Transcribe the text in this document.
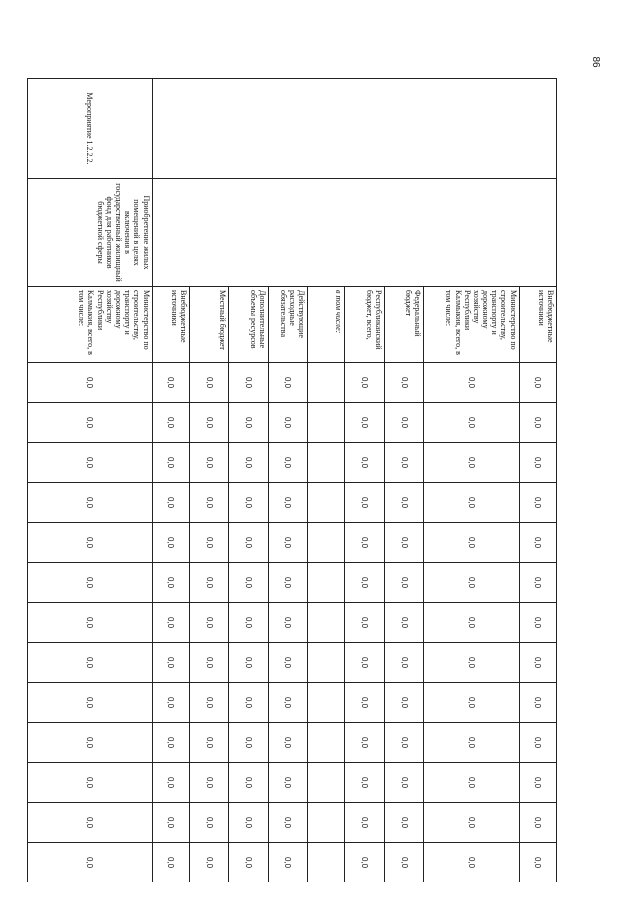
86
		Внебюджетные источники	0,0	0,0	0,0	0,0	0,0	0,0	0,0	0,0	0,0	0,0	0,0	0,0	0,0
		Министерство по строительству, транспорту и дорожному хозяйству Республики Калмыкия, всего, в том числе:	0,0	0,0	0,0	0,0	0,0	0,0	0,0	0,0	0,0	0,0	0,0	0,0	0,0
		Федеральный бюджет	0,0	0,0	0,0	0,0	0,0	0,0	0,0	0,0	0,0	0,0	0,0	0,0	0,0
		Республиканский бюджет, всего,	0,0	0,0	0,0	0,0	0,0	0,0	0,0	0,0	0,0	0,0	0,0	0,0	0,0
		в том числе:													
		Действующие расходные обязательства	0,0	0,0	0,0	0,0	0,0	0,0	0,0	0,0	0,0	0,0	0,0	0,0	0,0
		Дополнительные объемы ресурсов	0,0	0,0	0,0	0,0	0,0	0,0	0,0	0,0	0,0	0,0	0,0	0,0	0,0
		Местный бюджет	0,0	0,0	0,0	0,0	0,0	0,0	0,0	0,0	0,0	0,0	0,0	0,0	0,0
		Внебюджетные источники	0,0	0,0	0,0	0,0	0,0	0,0	0,0	0,0	0,0	0,0	0,0	0,0	0,0
Мероприятие 1.2.2.2.	Приобретение жилых помещений в целях включения в государственный жилищный фонд для работников бюджетной сферы	Министерство по строительству, транспорту и дорожному хозяйству Республики Калмыкия, всего, в том числе:	0,0	0,0	0,0	0,0	0,0	0,0	0,0	0,0	0,0	0,0	0,0	0,0	0,0
